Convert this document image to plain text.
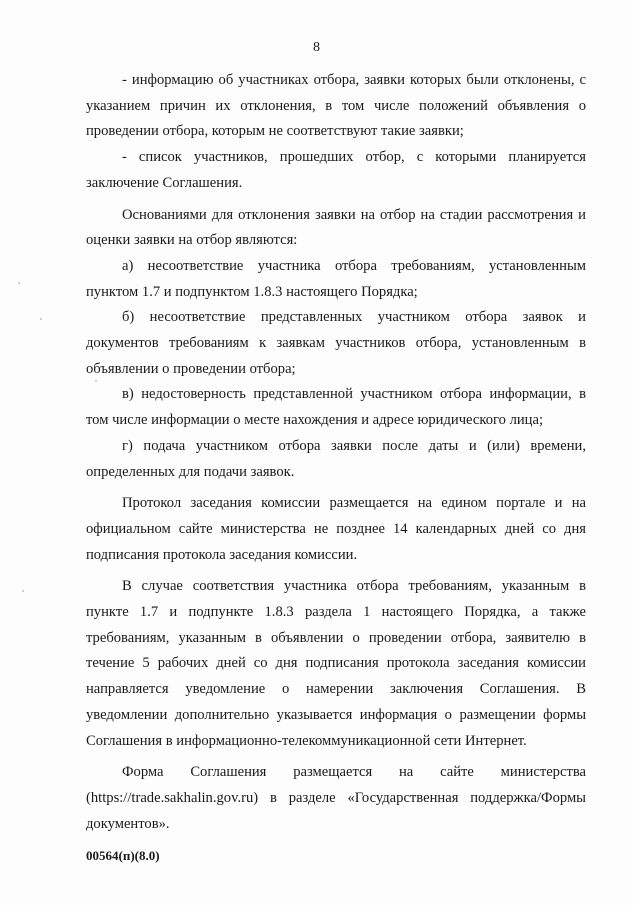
8

- информацию об участниках отбора, заявки которых были отклонены, с указанием причин их отклонения, в том числе положений объявления о проведении отбора, которым не соответствуют такие заявки;

- список участников, прошедших отбор, с которыми планируется заключение Соглашения.

Основаниями для отклонения заявки на отбор на стадии рассмотрения и оценки заявки на отбор являются:

а) несоответствие участника отбора требованиям, установленным пунктом 1.7 и подпунктом 1.8.3 настоящего Порядка;

б) несоответствие представленных участником отбора заявок и документов требованиям к заявкам участников отбора, установленным в объявлении о проведении отбора;

в) недостоверность представленной участником отбора информации, в том числе информации о месте нахождения и адресе юридического лица;

г) подача участником отбора заявки после даты и (или) времени, определенных для подачи заявок.

Протокол заседания комиссии размещается на едином портале и на официальном сайте министерства не позднее 14 календарных дней со дня подписания протокола заседания комиссии.

В случае соответствия участника отбора требованиям, указанным в пункте 1.7 и подпункте 1.8.3 раздела 1 настоящего Порядка, а также требованиям, указанным в объявлении о проведении отбора, заявителю в течение 5 рабочих дней со дня подписания протокола заседания комиссии направляется уведомление о намерении заключения Соглашения. В уведомлении дополнительно указывается информация о размещении формы Соглашения в информационно-телекоммуникационной сети Интернет.

Форма Соглашения размещается на сайте министерства (https://trade.sakhalin.gov.ru) в разделе «Государственная поддержка/Формы документов».

00564(п)(8.0)
